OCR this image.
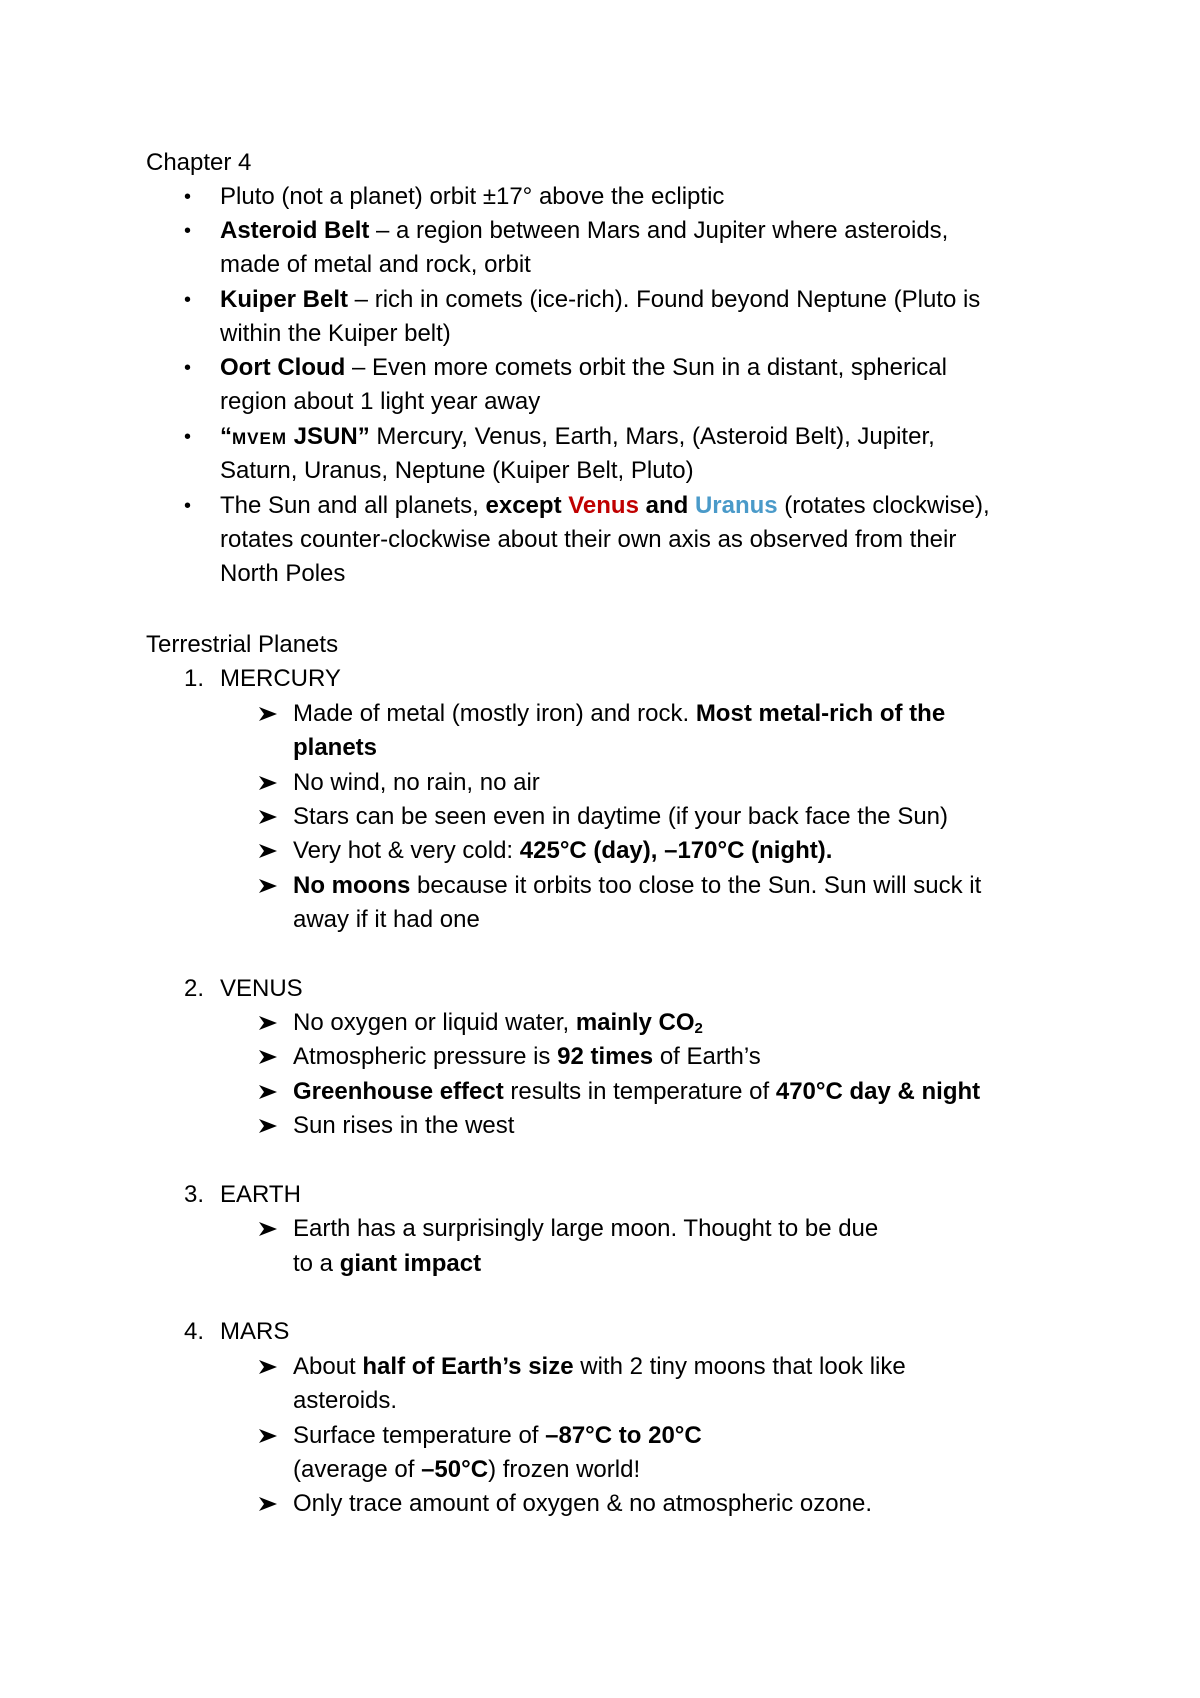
Chapter 4
• Pluto (not a planet) orbit ±17° above the ecliptic
• Asteroid Belt – a region between Mars and Jupiter where asteroids,
made of metal and rock, orbit
• Kuiper Belt – rich in comets (ice-rich). Found beyond Neptune (Pluto is
within the Kuiper belt)
• Oort Cloud – Even more comets orbit the Sun in a distant, spherical
region about 1 light year away
• “MVEM JSUN” Mercury, Venus, Earth, Mars, (Asteroid Belt), Jupiter,
Saturn, Uranus, Neptune (Kuiper Belt, Pluto)
• The Sun and all planets, except Venus and Uranus (rotates clockwise),
rotates counter-clockwise about their own axis as observed from their
North Poles
Terrestrial Planets
1. MERCURY
Made of metal (mostly iron) and rock. Most metal-rich of the
planets
No wind, no rain, no air
Stars can be seen even in daytime (if your back face the Sun)
Very hot & very cold: 425°C (day), –170°C (night).
No moons because it orbits too close to the Sun. Sun will suck it
away if it had one
2. VENUS
No oxygen or liquid water, mainly $CO_2$
Atmospheric pressure is 92 times of Earth’s
Greenhouse effect results in temperature of 470°C day & night
Sun rises in the west
3. EARTH
Earth has a surprisingly large moon. Thought to be due
to a giant impact
4. MARS
About half of Earth’s size with 2 tiny moons that look like
asteroids.
Surface temperature of –87°C to 20°C
(average of –50°C) frozen world!
Only trace amount of oxygen & no atmospheric ozone.
